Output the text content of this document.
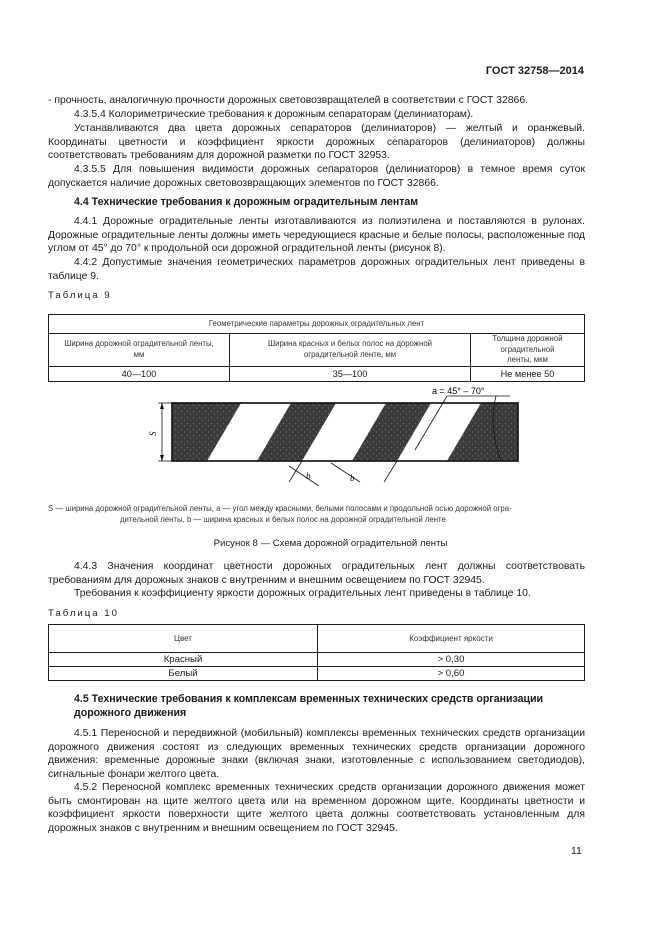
ГОСТ 32758—2014

- прочность, аналогичную прочности дорожных световозвращателей в соответствии с ГОСТ 32866.

4.3.5.4 Колориметрические требования к дорожным сепараторам (делиниаторам).

Устанавливаются два цвета дорожных сепараторов (делиниаторов) — желтый и оранжевый. Координаты цветности и коэффициент яркости дорожных сепараторов (делиниаторов) должны соответствовать требованиям для дорожной разметки по ГОСТ 32953.

4.3.5.5 Для повышения видимости дорожных сепараторов (делиниаторов) в темное время суток допускается наличие дорожных световозвращающих элементов по ГОСТ 32866.

4.4 Технические требования к дорожным оградительным лентам

4.4.1 Дорожные оградительные ленты изготавливаются из полиэтилена и поставляются в рулонах. Дорожные оградительные ленты должны иметь чередующиеся красные и белые полосы, расположенные под углом от 45° до 70° к продольной оси дорожной оградительной ленты (рисунок 8).

4.4.2 Допустимые значения геометрических параметров дорожных оградительных лент приведены в таблице 9.

Таблица 9
Геометрические параметры дорожных оградительных лент		
Ширина дорожной оградительной ленты, мм	Ширина красных и белых полос на дорожной оградительной ленте, мм	Толщина дорожной оградительной ленты, мкм
40—100	35—100	Не менее 50
S
a = 45° – 70°
b	b

S — ширина дорожной оградительной ленты, a — угол между красными, белыми полосами и продольной осью дорожной огра-

дительной ленты, b — ширина красных и белых полос на дорожной оградительной ленте

Рисунок 8 — Схема дорожной оградительной ленты

4.4.3 Значения координат цветности дорожных оградительных лент должны соответствовать требованиям для дорожных знаков с внутренним и внешним освещением по ГОСТ 32945.

Требования к коэффициенту яркости дорожных оградительных лент приведены в таблице 10.

Таблица 10
Цвет	Коэффициент яркости
Красный	> 0,30
Белый	> 0,60
4.5 Технические требования к комплексам временных технических средств организации
дорожного движения

4.5.1 Переносной и передвижной (мобильный) комплексы временных технических средств организации дорожного движения состоят из следующих временных технических средств организации дорожного движения: временные дорожные знаки (включая знаки, изготовленные с использованием светодиодов), сигнальные фонари желтого цвета.

4.5.2 Переносной комплекс временных технических средств организации дорожного движения может быть смонтирован на щите желтого цвета или на временном дорожном щите. Координаты цветности и коэффициент яркости поверхности щите желтого цвета должны соответствовать установленным для дорожных знаков с внутренним и внешним освещением по ГОСТ 32945.

11
